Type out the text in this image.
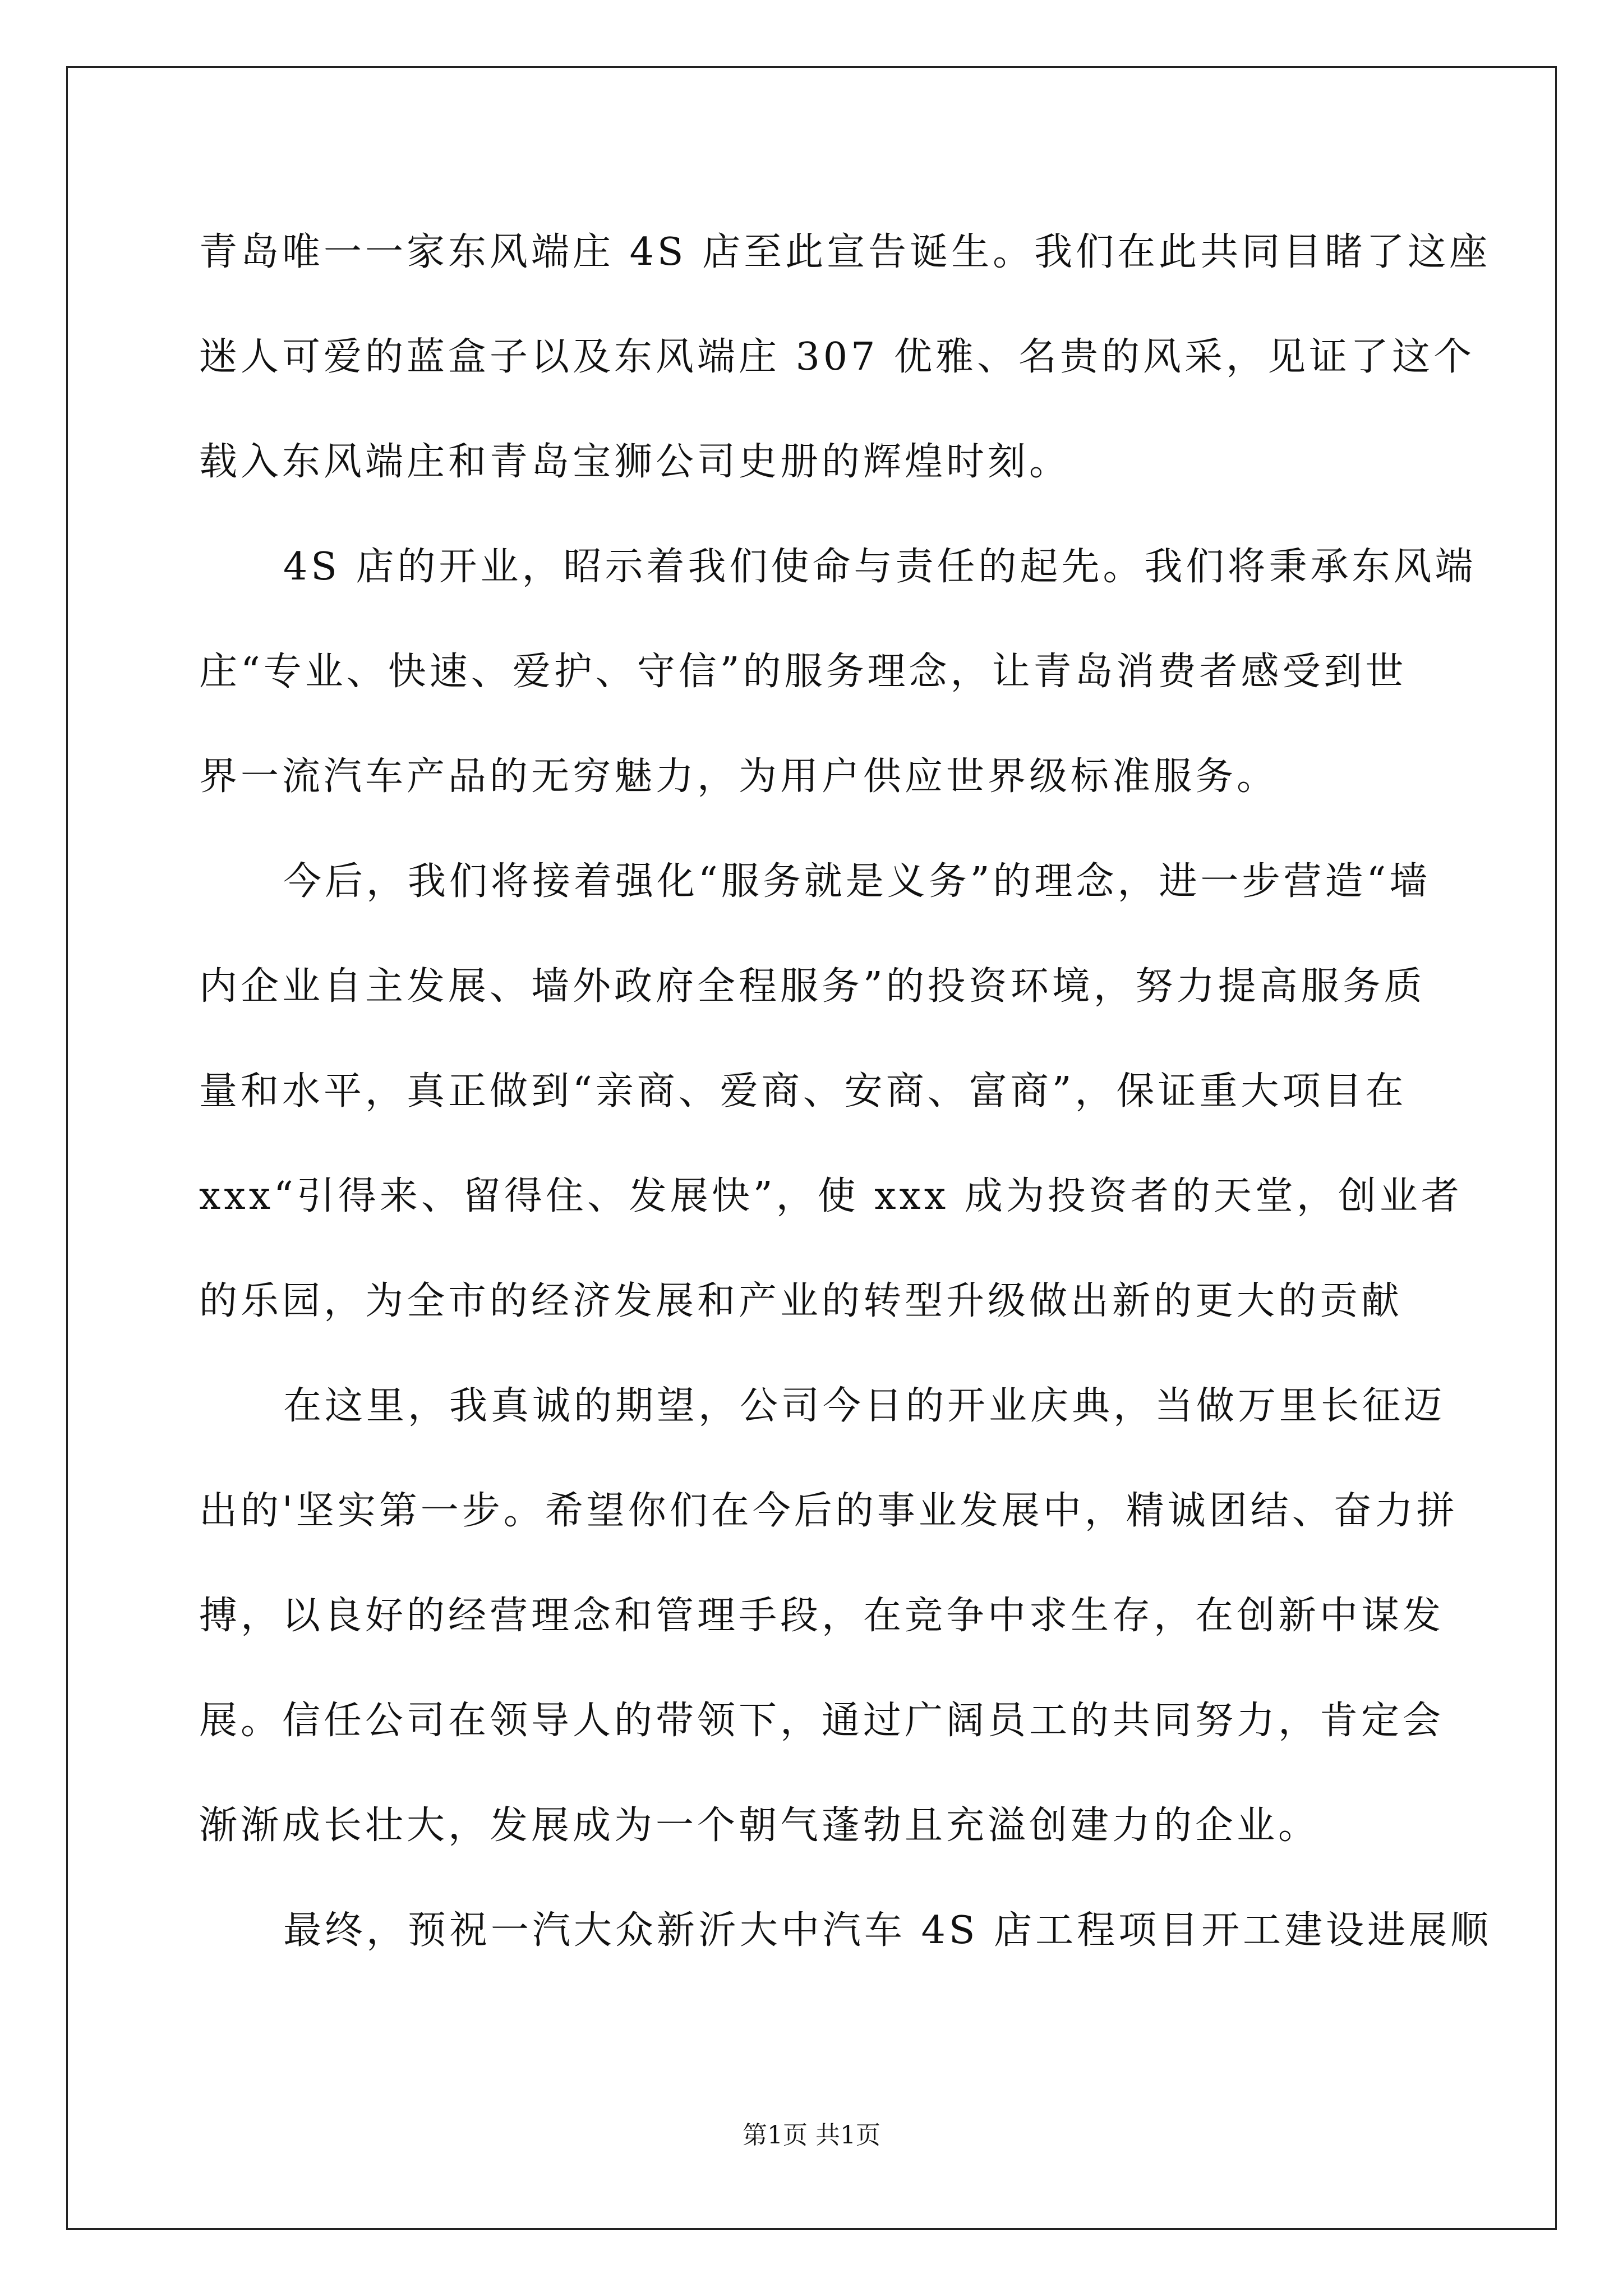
青岛唯一一家东风端庄 4S 店至此宣告诞生。我们在此共同目睹了这座
迷人可爱的蓝盒子以及东风端庄 307 优雅、名贵的风采，见证了这个
载入东风端庄和青岛宝狮公司史册的辉煌时刻。
4S 店的开业，昭示着我们使命与责任的起先。我们将秉承东风端
庄“专业、快速、爱护、守信”的服务理念，让青岛消费者感受到世
界一流汽车产品的无穷魅力，为用户供应世界级标准服务。
今后，我们将接着强化“服务就是义务”的理念，进一步营造“墙
内企业自主发展、墙外政府全程服务”的投资环境，努力提高服务质
量和水平，真正做到“亲商、爱商、安商、富商”，保证重大项目在
xxx“引得来、留得住、发展快”，使 xxx 成为投资者的天堂，创业者
的乐园，为全市的经济发展和产业的转型升级做出新的更大的贡献
在这里，我真诚的期望，公司今日的开业庆典，当做万里长征迈
出的'坚实第一步。希望你们在今后的事业发展中，精诚团结、奋力拼
搏，以良好的经营理念和管理手段，在竞争中求生存，在创新中谋发
展。信任公司在领导人的带领下，通过广阔员工的共同努力，肯定会
渐渐成长壮大，发展成为一个朝气蓬勃且充溢创建力的企业。
最终，预祝一汽大众新沂大中汽车 4S 店工程项目开工建设进展顺
第1页 共1页
